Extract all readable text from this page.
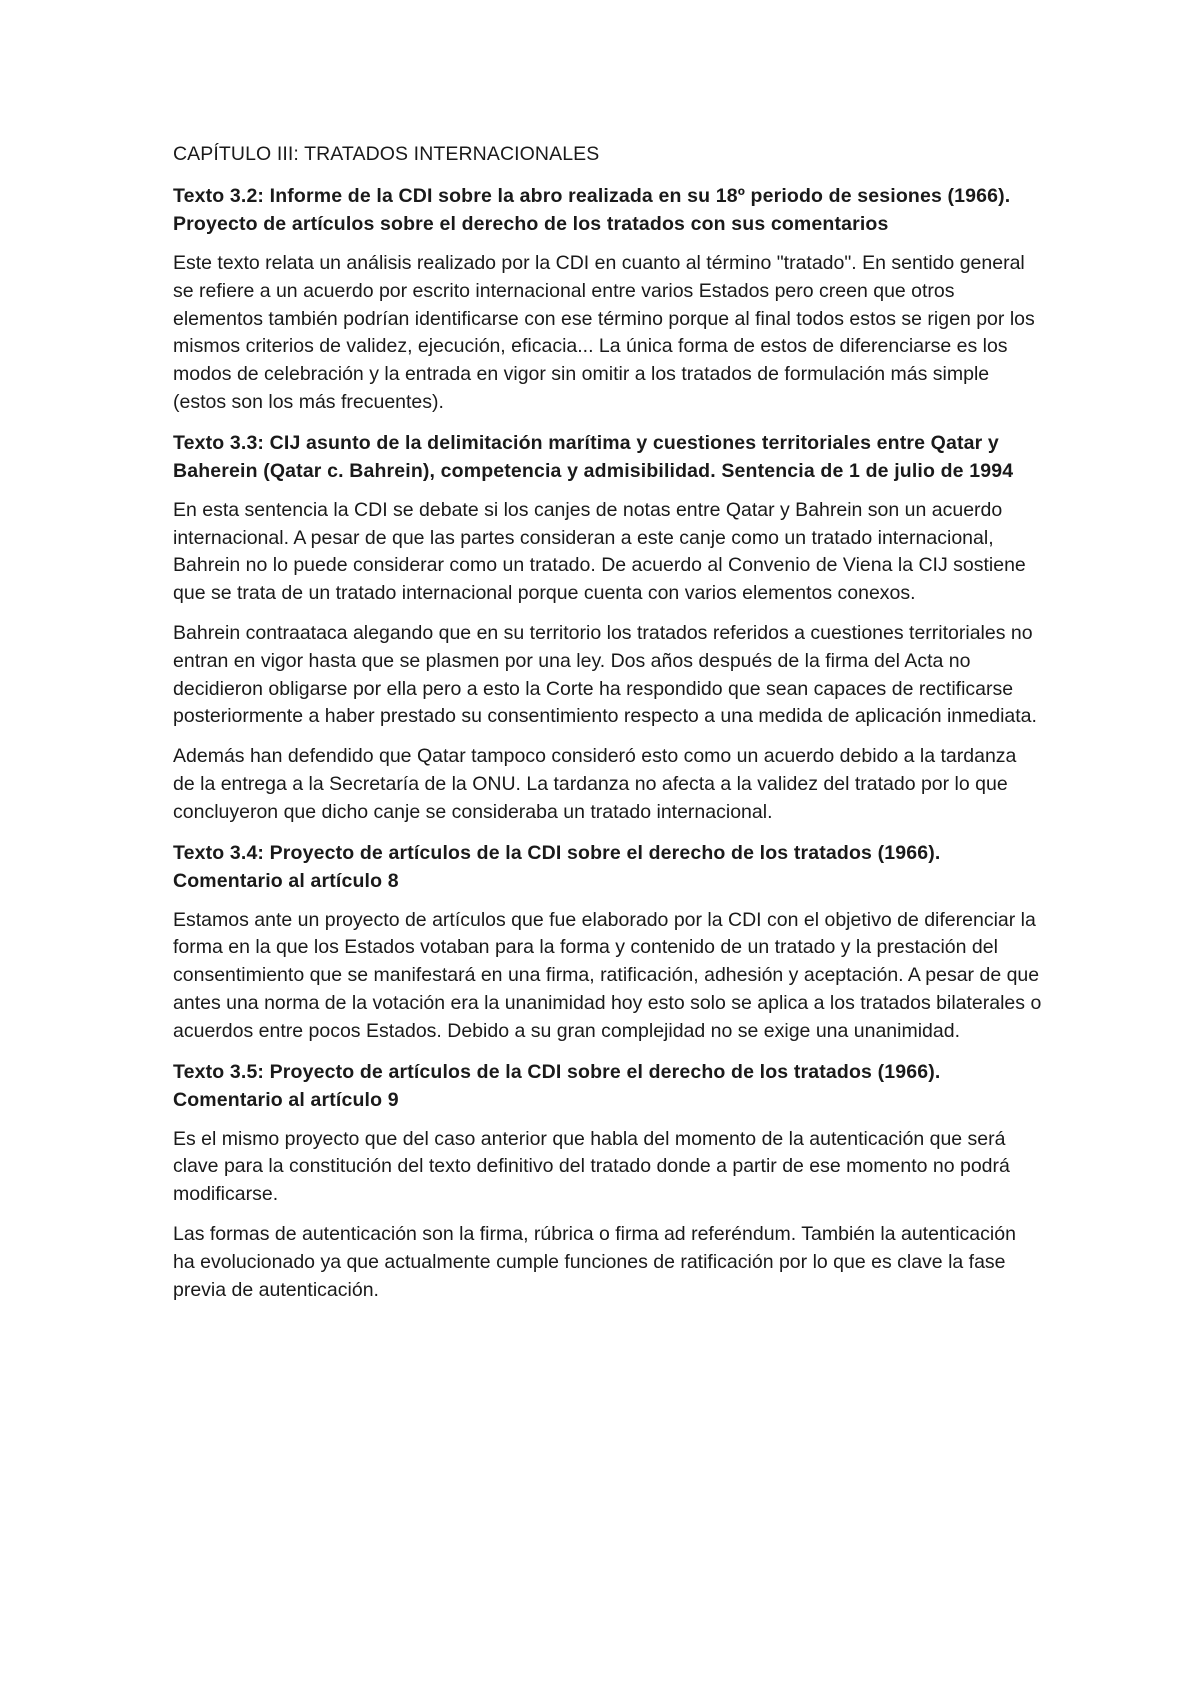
CAPÍTULO III: TRATADOS INTERNACIONALES
Texto 3.2: Informe de la CDI sobre la abro realizada en su 18º periodo de sesiones (1966). Proyecto de artículos sobre el derecho de los tratados con sus comentarios

Este texto relata un análisis realizado por la CDI en cuanto al término "tratado". En sentido general se refiere a un acuerdo por escrito internacional entre varios Estados pero creen que otros elementos también podrían identificarse con ese término porque al final todos estos se rigen por los mismos criterios de validez, ejecución, eficacia... La única forma de estos de diferenciarse es los modos de celebración y la entrada en vigor sin omitir a los tratados de formulación más simple (estos son los más frecuentes).

Texto 3.3: CIJ asunto de la delimitación marítima y cuestiones territoriales entre Qatar y Baherein (Qatar c. Bahrein), competencia y admisibilidad. Sentencia de 1 de julio de 1994

En esta sentencia la CDI se debate si los canjes de notas entre Qatar y Bahrein son un acuerdo internacional. A pesar de que las partes consideran a este canje como un tratado internacional, Bahrein no lo puede considerar como un tratado. De acuerdo al Convenio de Viena la CIJ sostiene que se trata de un tratado internacional porque cuenta con varios elementos conexos.

Bahrein contraataca alegando que en su territorio los tratados referidos a cuestiones territoriales no entran en vigor hasta que se plasmen por una ley. Dos años después de la firma del Acta no decidieron obligarse por ella pero a esto la Corte ha respondido que sean capaces de rectificarse posteriormente a haber prestado su consentimiento respecto a una medida de aplicación inmediata.

Además han defendido que Qatar tampoco consideró esto como un acuerdo debido a la tardanza de la entrega a la Secretaría de la ONU. La tardanza no afecta a la validez del tratado por lo que concluyeron que dicho canje se consideraba un tratado internacional.

Texto 3.4: Proyecto de artículos de la CDI sobre el derecho de los tratados (1966). Comentario al artículo 8

Estamos ante un proyecto de artículos que fue elaborado por la CDI con el objetivo de diferenciar la forma en la que los Estados votaban para la forma y contenido de un tratado y la prestación del consentimiento que se manifestará en una firma, ratificación, adhesión y aceptación. A pesar de que antes una norma de la votación era la unanimidad hoy esto solo se aplica a los tratados bilaterales o acuerdos entre pocos Estados. Debido a su gran complejidad no se exige una unanimidad.

Texto 3.5: Proyecto de artículos de la CDI sobre el derecho de los tratados (1966). Comentario al artículo 9

Es el mismo proyecto que del caso anterior que habla del momento de la autenticación que será clave para la constitución del texto definitivo del tratado donde a partir de ese momento no podrá modificarse.

Las formas de autenticación son la firma, rúbrica o firma ad referéndum. También la autenticación ha evolucionado ya que actualmente cumple funciones de ratificación por lo que es clave la fase previa de autenticación.
